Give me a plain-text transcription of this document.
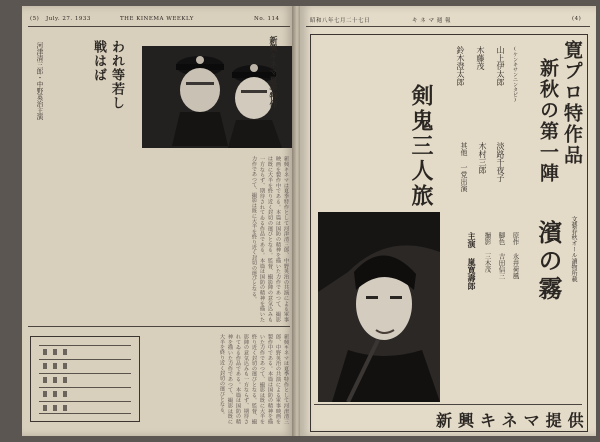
(5) July. 27. 1933	THE KINEMA WEEKLY	No. 114
新興キネマ夏季特作
われ等若し
戦はば
河津清三郎・中野英治主演
新興キネマは夏季特作として河津清三郎、中野英治の共演による軍事映画を製作中である。本篇は国防の精神を描いた力作であつて、撮影は既に大半を終り近く封切の運びとなる。監督、撮影陣の意気込みも一方ならず、期待されてゐる作品である。本篇は国防の精神を描いた力作であつて、撮影は既に大半を終り近く封切の運びとなる。
新興キネマは夏季特作として河津清三郎、中野英治の共演による軍事映画を製作中である。本篇は国防の精神を描いた力作であつて、撮影は既に大半を終り近く封切の運びとなる。監督、撮影陣の意気込みも一方ならず、期待されてゐる作品である。本篇は国防の精神を描いた力作であつて、撮影は既に大半を終り近く封切の運びとなる。
昭和八年七月二十七日	キ ネ マ 週 報	(4)
寛プロ特作品
新秋の第一陣
山上伊太郎
木藤茂
鈴木澄太郎	(ケンキサンニンタビ)
剣鬼三人旅	淡路千夜子
木村三郎
其他 一党出演
文藝春秋オール讀物所載
濱の霧
原作 永井荷風
脚色 吉田信三
撮影 三木茂
主演 嵐寛壽郎
新興キネマ提供
